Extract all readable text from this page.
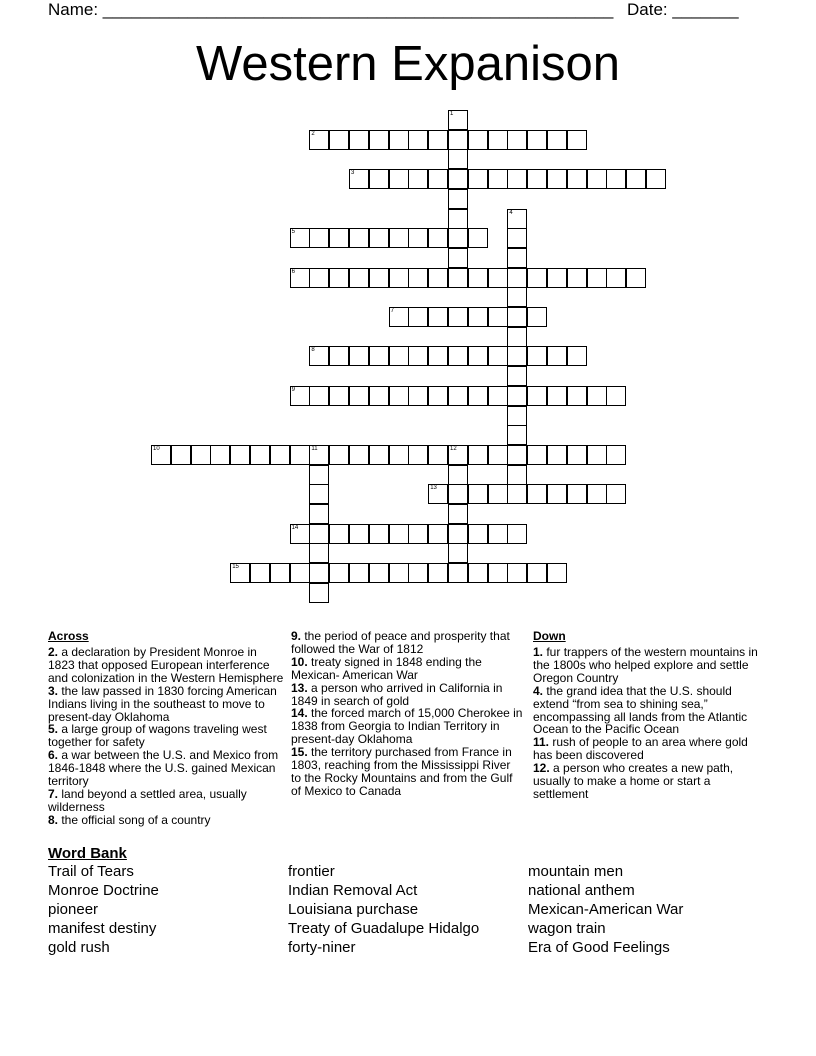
Name: ______________________________________________________ Date: _______
Western Expanison
1
2
3
4
5
6
7
8
9
10	11	12
13
14
15
Across

2. a declaration by President Monroe in 1823 that opposed European interference and colonization in the Western Hemisphere

3. the law passed in 1830 forcing American Indians living in the southeast to move to present-day Oklahoma

5. a large group of wagons traveling west together for safety

6. a war between the U.S. and Mexico from 1846-1848 where the U.S. gained Mexican territory

7. land beyond a settled area, usually wilderness

8. the official song of a country

9. the period of peace and prosperity that followed the War of 1812

10. treaty signed in 1848 ending the Mexican- American War

13. a person who arrived in California in 1849 in search of gold

14. the forced march of 15,000 Cherokee in 1838 from Georgia to Indian Territory in present-day Oklahoma

15. the territory purchased from France in 1803, reaching from the Mississippi River to the Rocky Mountains and from the Gulf of Mexico to Canada

Down

1. fur trappers of the western mountains in the 1800s who helped explore and settle Oregon Country

4. the grand idea that the U.S. should extend “from sea to shining sea,” encompassing all lands from the Atlantic Ocean to the Pacific Ocean

11. rush of people to an area where gold has been discovered

12. a person who creates a new path, usually to make a home or start a settlement

Word Bank
Trail of Tears
Monroe Doctrine
pioneer
manifest destiny
gold rush
frontier
Indian Removal Act
Louisiana purchase
Treaty of Guadalupe Hidalgo
forty-niner
mountain men
national anthem
Mexican-American War
wagon train
Era of Good Feelings
